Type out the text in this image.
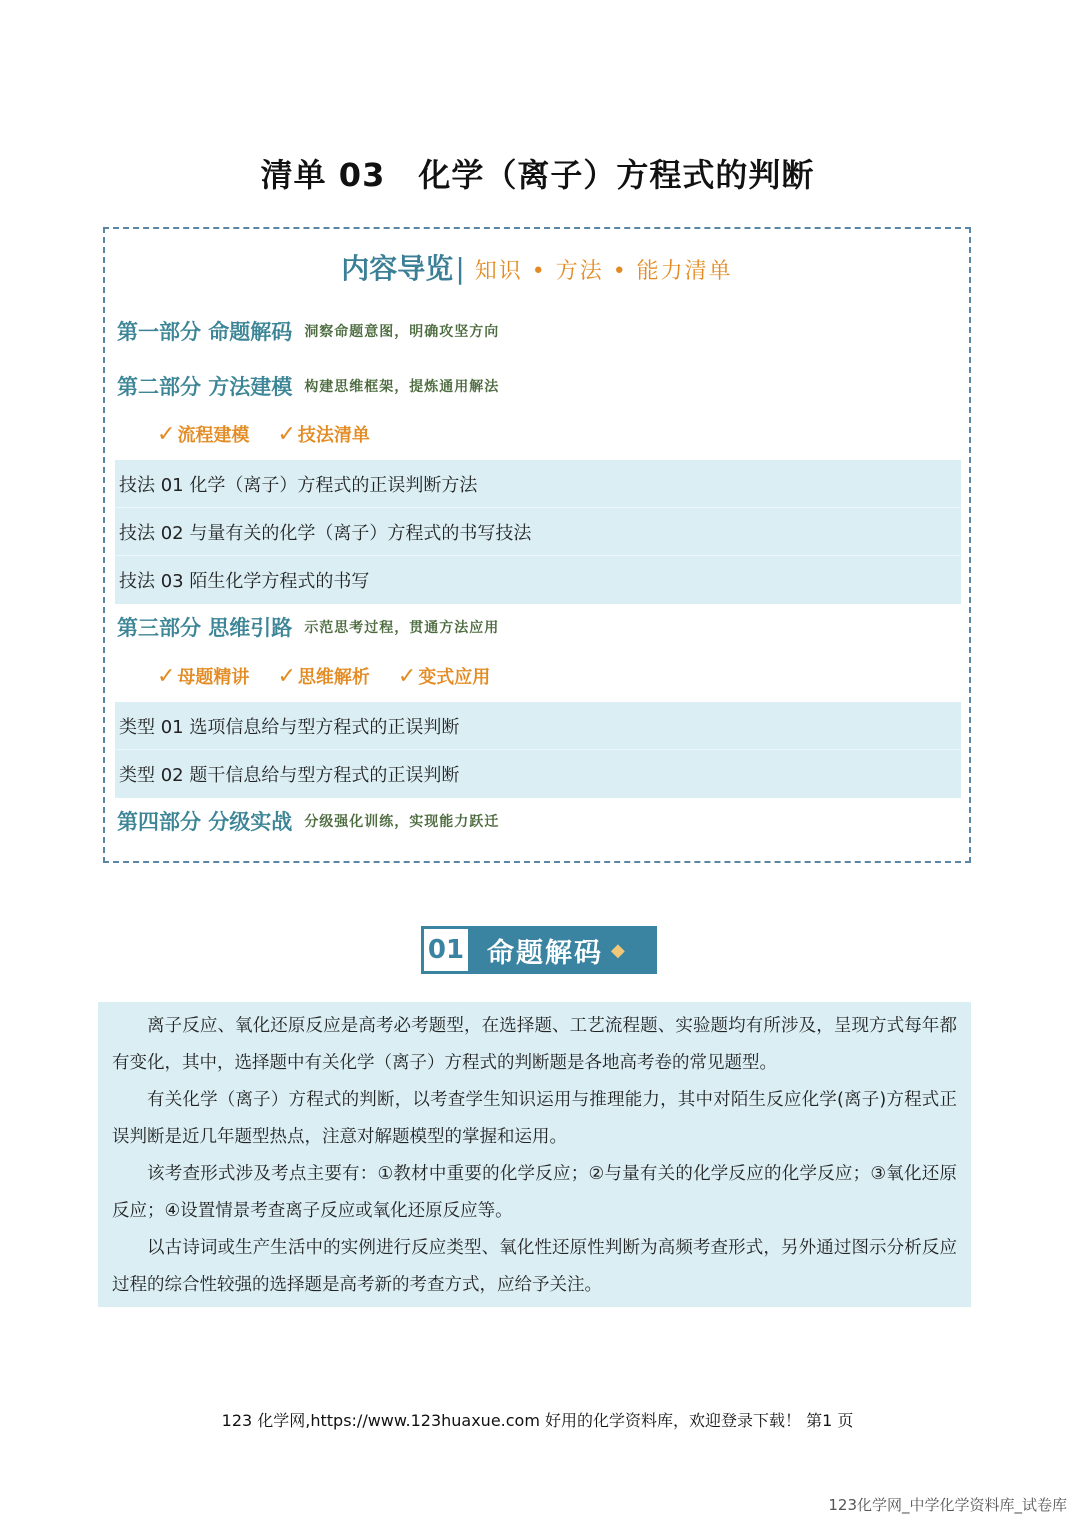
清单 03　化学（离子）方程式的判断
内容导览| 知识 • 方法 • 能力清单
第一部分 命题解码 洞察命题意图，明确攻坚方向
第二部分 方法建模 构建思维框架，提炼通用解法
✓ 流程建模 ✓ 技法清单
技法 01 化学（离子）方程式的正误判断方法
技法 02 与量有关的化学（离子）方程式的书写技法
技法 03 陌生化学方程式的书写
第三部分 思维引路 示范思考过程，贯通方法应用
✓ 母题精讲 ✓ 思维解析 ✓ 变式应用
类型 01 选项信息给与型方程式的正误判断
类型 02 题干信息给与型方程式的正误判断
第四部分 分级实战 分级强化训练，实现能力跃迁
01 命题解码 ◆

离子反应、氧化还原反应是高考必考题型，在选择题、工艺流程题、实验题均有所涉及，呈现方式每年都有变化，其中，选择题中有关化学（离子）方程式的判断题是各地高考卷的常见题型。

有关化学（离子）方程式的判断，以考查学生知识运用与推理能力，其中对陌生反应化学(离子)方程式正误判断是近几年题型热点，注意对解题模型的掌握和运用。

该考查形式涉及考点主要有：①教材中重要的化学反应；②与量有关的化学反应的化学反应；③氧化还原反应；④设置情景考查离子反应或氧化还原反应等。

以古诗词或生产生活中的实例进行反应类型、氧化性还原性判断为高频考查形式，另外通过图示分析反应过程的综合性较强的选择题是高考新的考查方式，应给予关注。

123 化学网,https://www.123huaxue.com 好用的化学资料库，欢迎登录下载！ 第1 页
123化学网_中学化学资料库_试卷库
